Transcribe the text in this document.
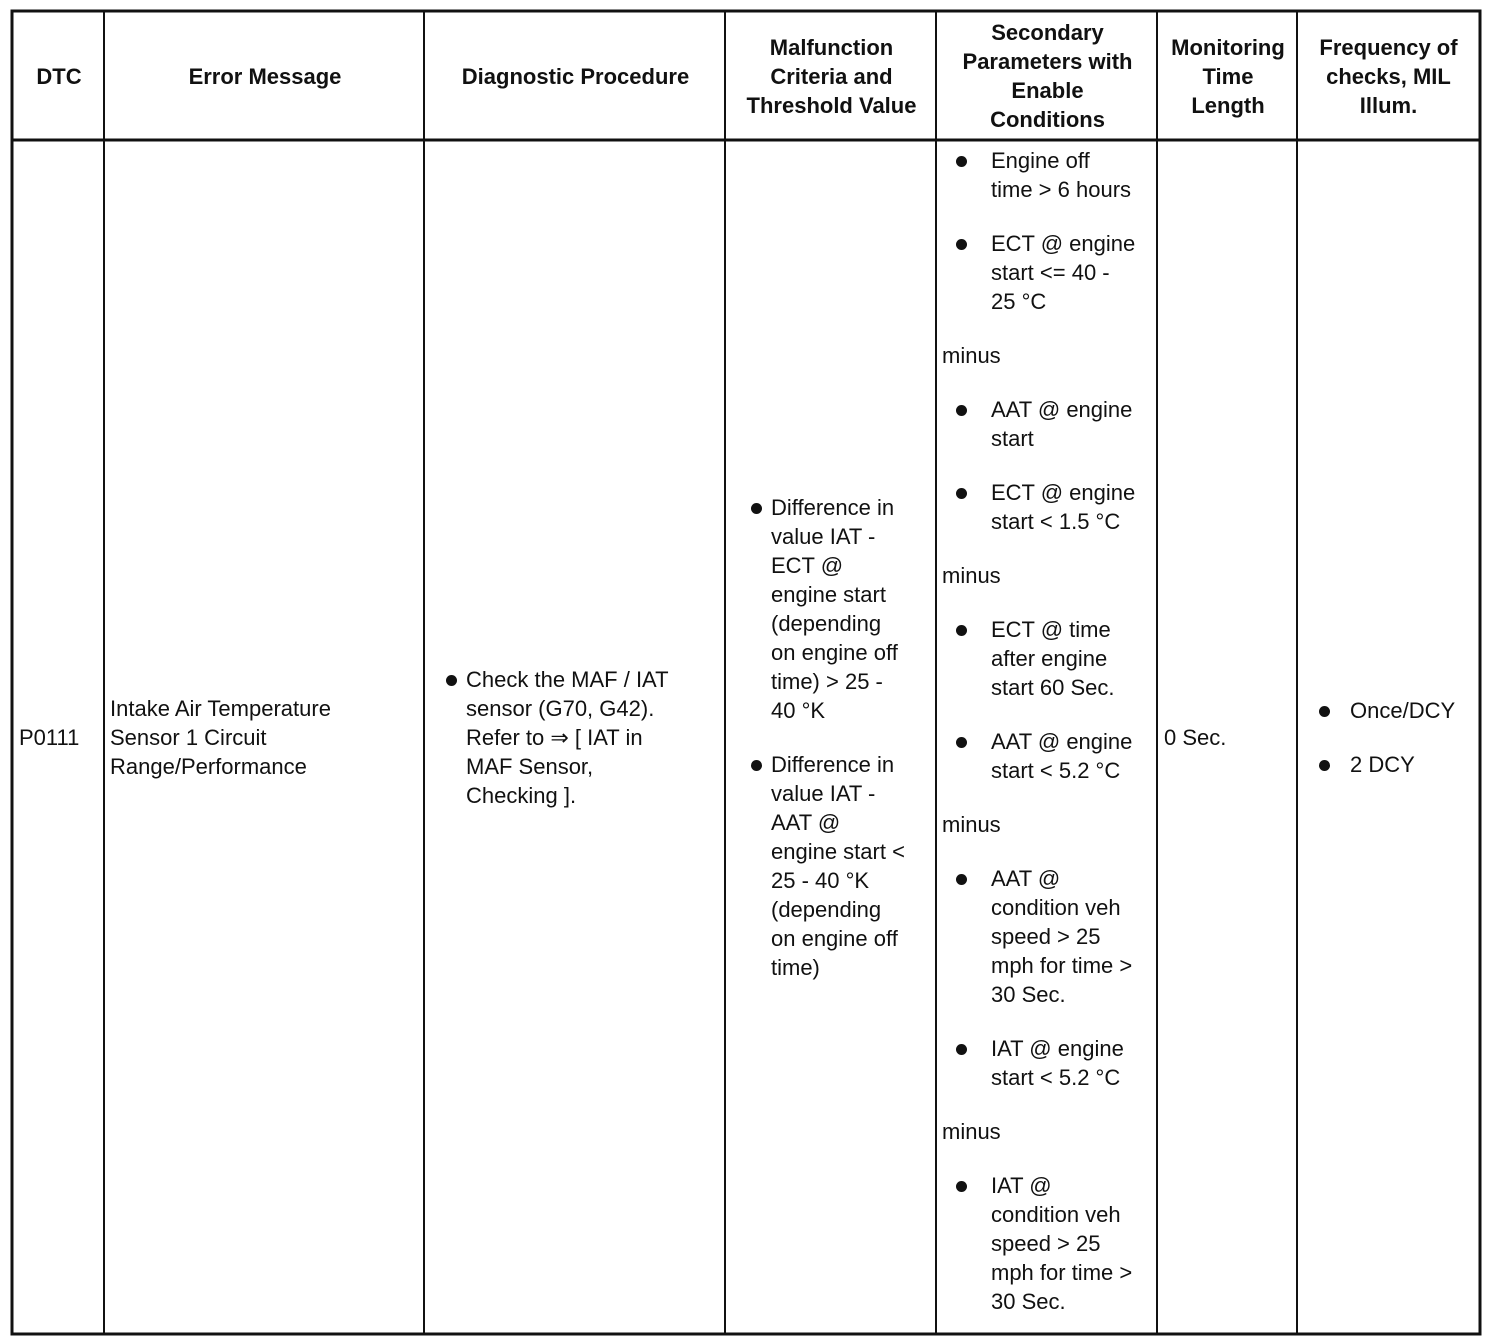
DTC	Error Message	Diagnostic Procedure
Malfunction
Criteria and
Threshold Value
Secondary
Parameters with
Enable
Conditions
Monitoring
Time
Length
Frequency of
checks, MIL
Illum.
P0111
Intake Air Temperature
Sensor 1 Circuit
Range/Performance
Check the MAF / IAT
sensor (G70, G42).
Refer to ⇒ [ IAT in
MAF Sensor,
Checking ].
Difference in
value IAT -
ECT @
engine start
(depending
on engine off
time) > 25 -
40 °K
Difference in
value IAT -
AAT @
engine start <
25 - 40 °K
(depending
on engine off
time)
Engine off
time > 6 hours
ECT @ engine
start <= 40 -
25 °C
minus
AAT @ engine
start
ECT @ engine
start < 1.5 °C
minus
ECT @ time
after engine
start 60 Sec.
AAT @ engine
start < 5.2 °C
minus
AAT @
condition veh
speed > 25
mph for time >
30 Sec.
IAT @ engine
start < 5.2 °C
minus
IAT @
condition veh
speed > 25
mph for time >
30 Sec.
0 Sec.
Once/DCY
2 DCY
